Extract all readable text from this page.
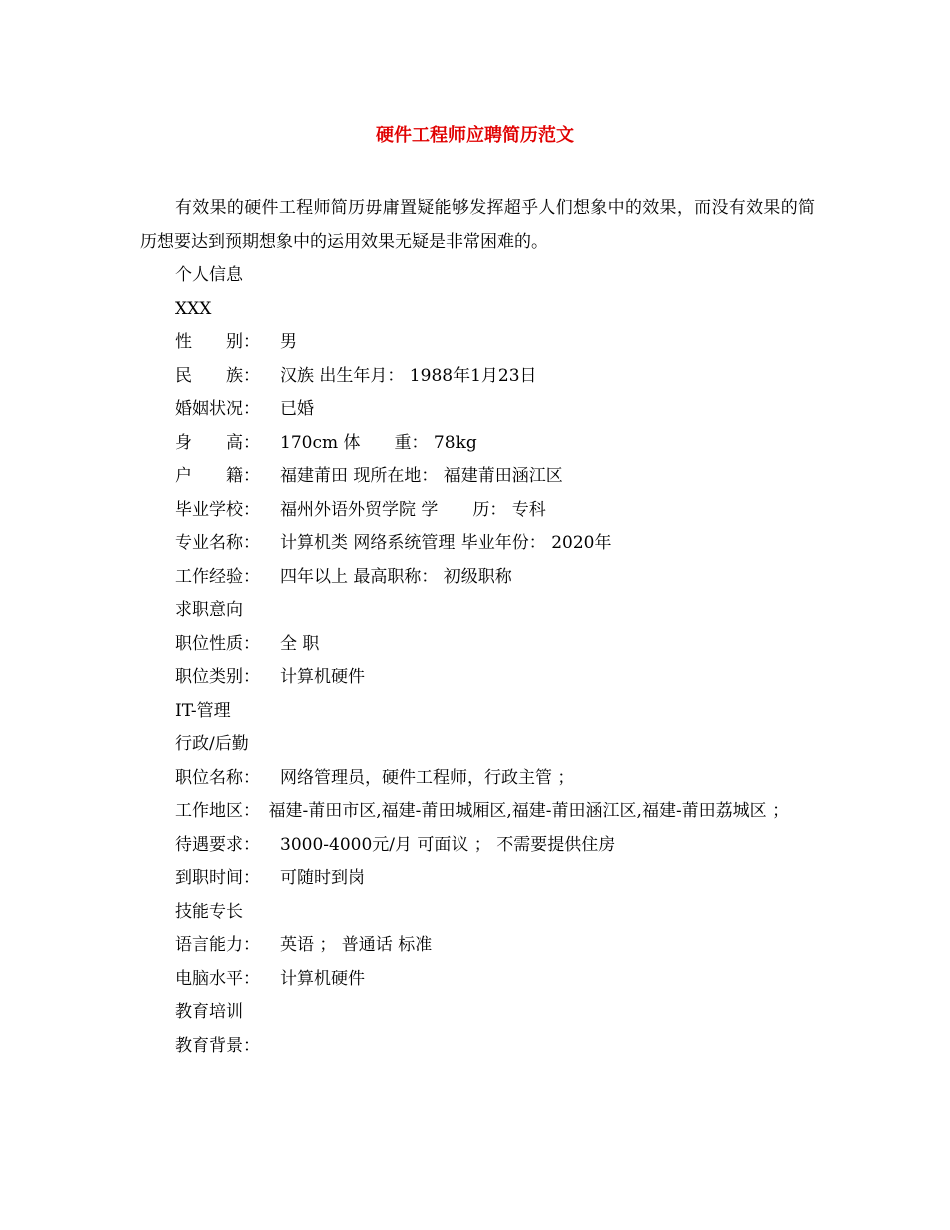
硬件工程师应聘简历范文

有效果的硬件工程师简历毋庸置疑能够发挥超乎人们想象中的效果，而没有效果的简历想要达到预期想象中的运用效果无疑是非常困难的。

个人信息
XXX
性　　别： 男
民　　族： 汉族 出生年月： 1988年1月23日
婚姻状况： 已婚
身　　高： 170cm 体　　重： 78kg
户　　籍： 福建莆田 现所在地： 福建莆田涵江区
毕业学校： 福州外语外贸学院 学　　历： 专科
专业名称： 计算机类 网络系统管理 毕业年份： 2020年
工作经验： 四年以上 最高职称： 初级职称
求职意向
职位性质： 全 职
职位类别： 计算机硬件
IT-管理
行政/后勤
职位名称： 网络管理员，硬件工程师，行政主管 ；
工作地区：　福建-莆田市区,福建-莆田城厢区,福建-莆田涵江区,福建-莆田荔城区 ；
待遇要求： 3000-4000元/月 可面议 ； 不需要提供住房
到职时间： 可随时到岗
技能专长
语言能力： 英语 ； 普通话 标准
电脑水平： 计算机硬件
教育培训
教育背景：
